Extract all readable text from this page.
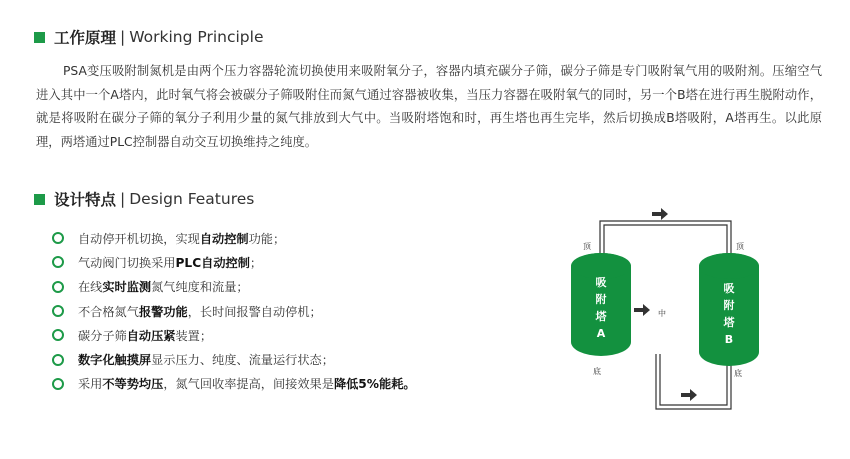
工作原理 | Working Principle

PSA变压吸附制氮机是由两个压力容器轮流切换使用来吸附氧分子，容器内填充碳分子筛，碳分子筛是专门吸附氧气用的吸附剂。压缩空气进入其中一个A塔内，此时氧气将会被碳分子筛吸附住而氮气通过容器被收集，当压力容器在吸附氧气的同时，另一个B塔在进行再生脱附动作，就是将吸附在碳分子筛的氧分子利用少量的氮气排放到大气中。当吸附塔饱和时，再生塔也再生完毕，然后切换成B塔吸附，A塔再生。以此原理，两塔通过PLC控制器自动交互切换维持之纯度。

设计特点 | Design Features
自动停开机切换，实现自动控制功能；
气动阀门切换采用PLC自动控制；
在线实时监测氮气纯度和流量；
不合格氮气报警功能，长时间报警自动停机；
碳分子筛自动压紧装置；
数字化触摸屏显示压力、纯度、流量运行状态；
采用不等势均压，氮气回收率提高，间接效果是降低5%能耗。
吸
附
塔
A
吸
附
塔
B
顶	顶
中
底	底
